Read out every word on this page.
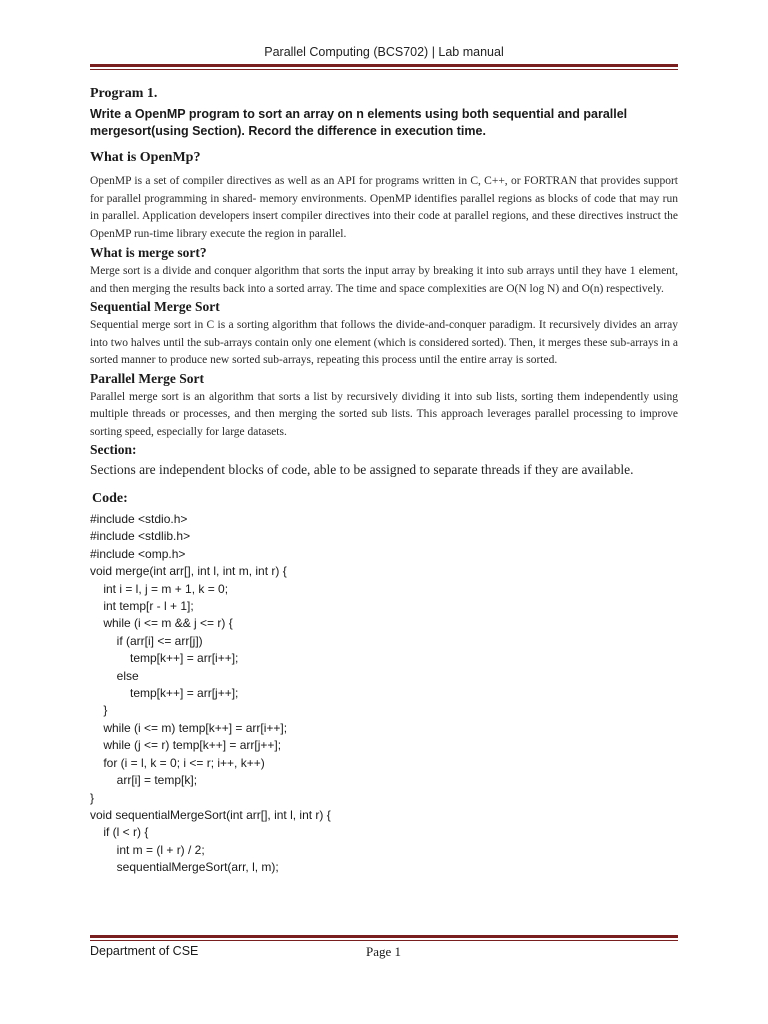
Parallel Computing (BCS702) | Lab manual
Program 1.
Write a OpenMP program to sort an array on n elements using both sequential and parallel mergesort(using Section). Record the difference in execution time.
What is OpenMp?
OpenMP is a set of compiler directives as well as an API for programs written in C, C++, or FORTRAN that provides support for parallel programming in shared- memory environments. OpenMP identifies parallel regions as blocks of code that may run in parallel. Application developers insert compiler directives into their code at parallel regions, and these directives instruct the OpenMP run-time library execute the region in parallel.
What is merge sort?
Merge sort is a divide and conquer algorithm that sorts the input array by breaking it into sub arrays until they have 1 element, and then merging the results back into a sorted array. The time and space complexities are O(N log N) and O(n) respectively.
Sequential Merge Sort
Sequential merge sort in C is a sorting algorithm that follows the divide-and-conquer paradigm. It recursively divides an array into two halves until the sub-arrays contain only one element (which is considered sorted). Then, it merges these sub-arrays in a sorted manner to produce new sorted sub-arrays, repeating this process until the entire array is sorted.
Parallel Merge Sort
Parallel merge sort is an algorithm that sorts a list by recursively dividing it into sub lists, sorting them independently using multiple threads or processes, and then merging the sorted sub lists. This approach leverages parallel processing to improve sorting speed, especially for large datasets.
Section:
Sections are independent blocks of code, able to be assigned to separate threads if they are available.
Code:
#include <stdio.h>
#include <stdlib.h>
#include <omp.h>
void merge(int arr[], int l, int m, int r) {
int i = l, j = m + 1, k = 0;
int temp[r - l + 1];
while (i <= m && j <= r) {
if (arr[i] <= arr[j])
temp[k++] = arr[i++];
else
temp[k++] = arr[j++];
}
while (i <= m) temp[k++] = arr[i++];
while (j <= r) temp[k++] = arr[j++];
for (i = l, k = 0; i <= r; i++, k++)
arr[i] = temp[k];
}
void sequentialMergeSort(int arr[], int l, int r) {
if (l < r) {
int m = (l + r) / 2;
sequentialMergeSort(arr, l, m);
Department of CSE	Page 1
